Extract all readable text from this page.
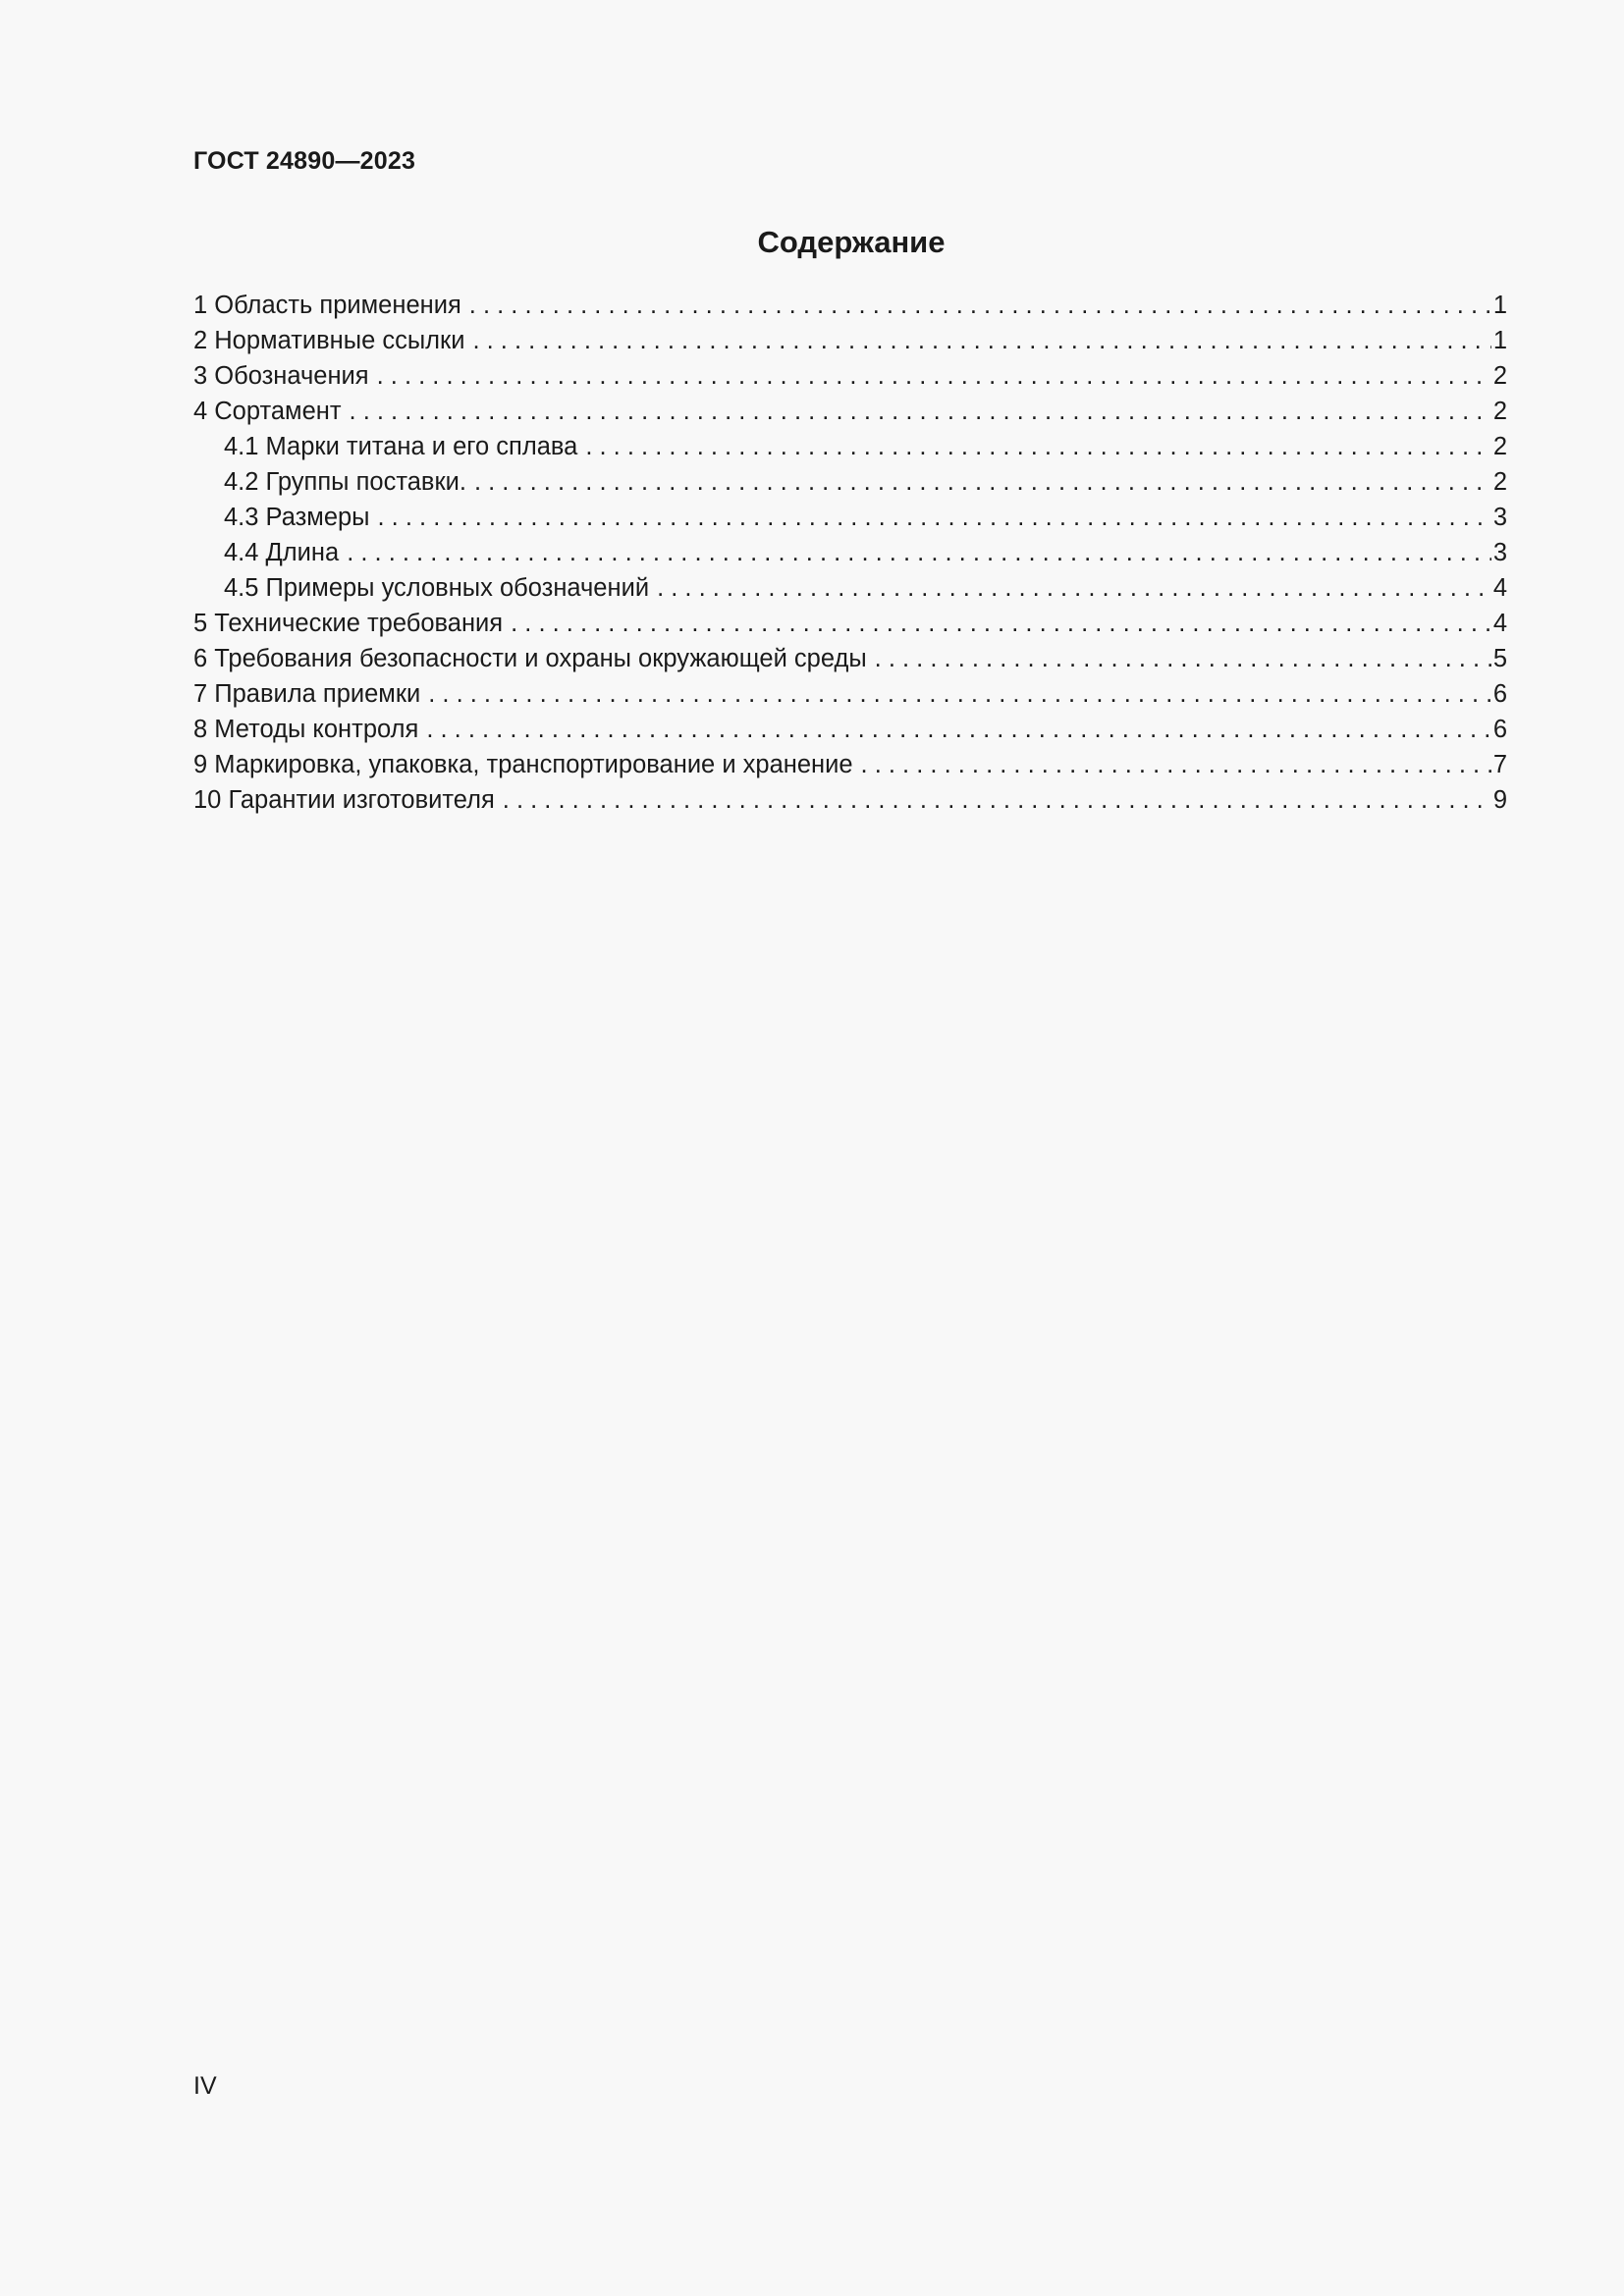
ГОСТ 24890—2023
Содержание
1 Область применения . . .	1
2 Нормативные ссылки . . .	1
3 Обозначения . . .	2
4 Сортамент . . .	2
4.1 Марки титана и его сплава . . .	2
4.2 Группы поставки. . . .	2
4.3 Размеры . . .	3
4.4 Длина . . .	3
4.5 Примеры условных обозначений . . .	4
5 Технические требования . . .	4
6 Требования безопасности и охраны окружающей среды . . .	5
7 Правила приемки . . .	6
8 Методы контроля . . .	6
9 Маркировка, упаковка, транспортирование и хранение . . .	7
10 Гарантии изготовителя . . .	9
IV
